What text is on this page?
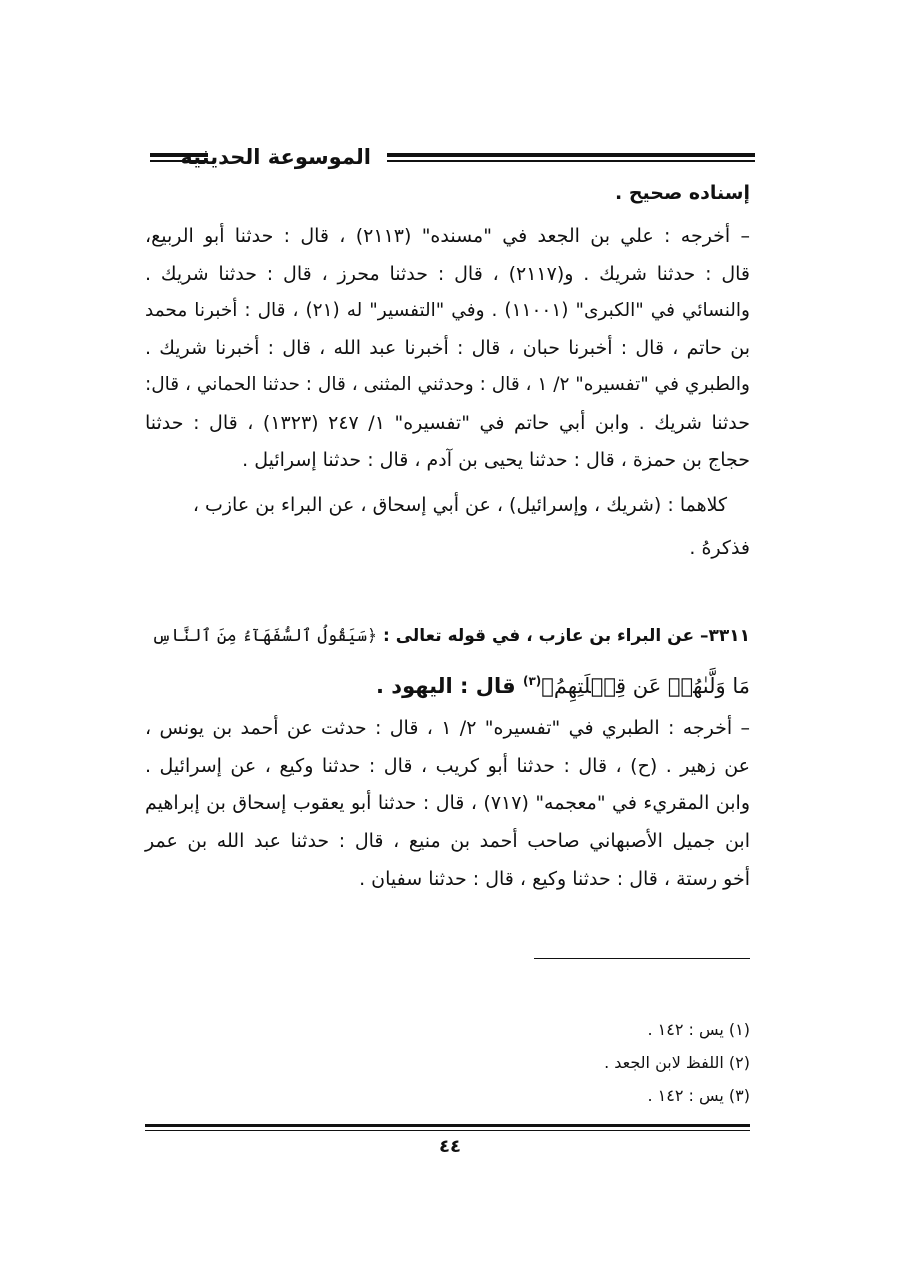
الموسوعة الحديثية
إسناده صحيح .
– أخرجه : علي بن الجعد في "مسنده" (٢١١٣) ، قال : حدثنا أبو الربيع،
قال : حدثنا شريك . و(٢١١٧) ، قال : حدثنا محرز ، قال : حدثنا شريك .
والنسائي في "الكبرى" (١١٠٠١) . وفي "التفسير" له (٢١) ، قال : أخبرنا محمد
بن حاتم ، قال : أخبرنا حبان ، قال : أخبرنا عبد الله ، قال : أخبرنا شريك .
والطبري في "تفسيره" ٢/ ١ ، قال : وحدثني المثنى ، قال : حدثنا الحماني ، قال:
حدثنا شريك . وابن أبي حاتم في "تفسيره" ١/ ٢٤٧ (١٣٢٣) ، قال : حدثنا
حجاج بن حمزة ، قال : حدثنا يحيى بن آدم ، قال : حدثنا إسرائيل .
كلاهما : (شريك ، وإسرائيل) ، عن أبي إسحاق ، عن البراء بن عازب ،
فذكرهُ .
٣٣١١– عن البراء بن عازب ، في قوله تعالى : ﴿سَيَقُولُ ٱلسُّفَهَآءُ مِنَ ٱلنَّاسِ
مَا وَلَّىٰهُمۡ عَن قِبۡلَتِهِمُ﴾$^{(٣)}$ قال : اليهود .
– أخرجه : الطبري في "تفسيره" ٢/ ١ ، قال : حدثت عن أحمد بن يونس ،
عن زهير . (ح) ، قال : حدثنا أبو كريب ، قال : حدثنا وكيع ، عن إسرائيل .
وابن المقريء في "معجمه" (٧١٧) ، قال : حدثنا أبو يعقوب إسحاق بن إبراهيم
ابن جميل الأصبهاني صاحب أحمد بن منيع ، قال : حدثنا عبد الله بن عمر
أخو رستة ، قال : حدثنا وكيع ، قال : حدثنا سفيان .
(١) يس : ١٤٢ .
(٢) اللفظ لابن الجعد .
(٣) يس : ١٤٢ .
٤٤
